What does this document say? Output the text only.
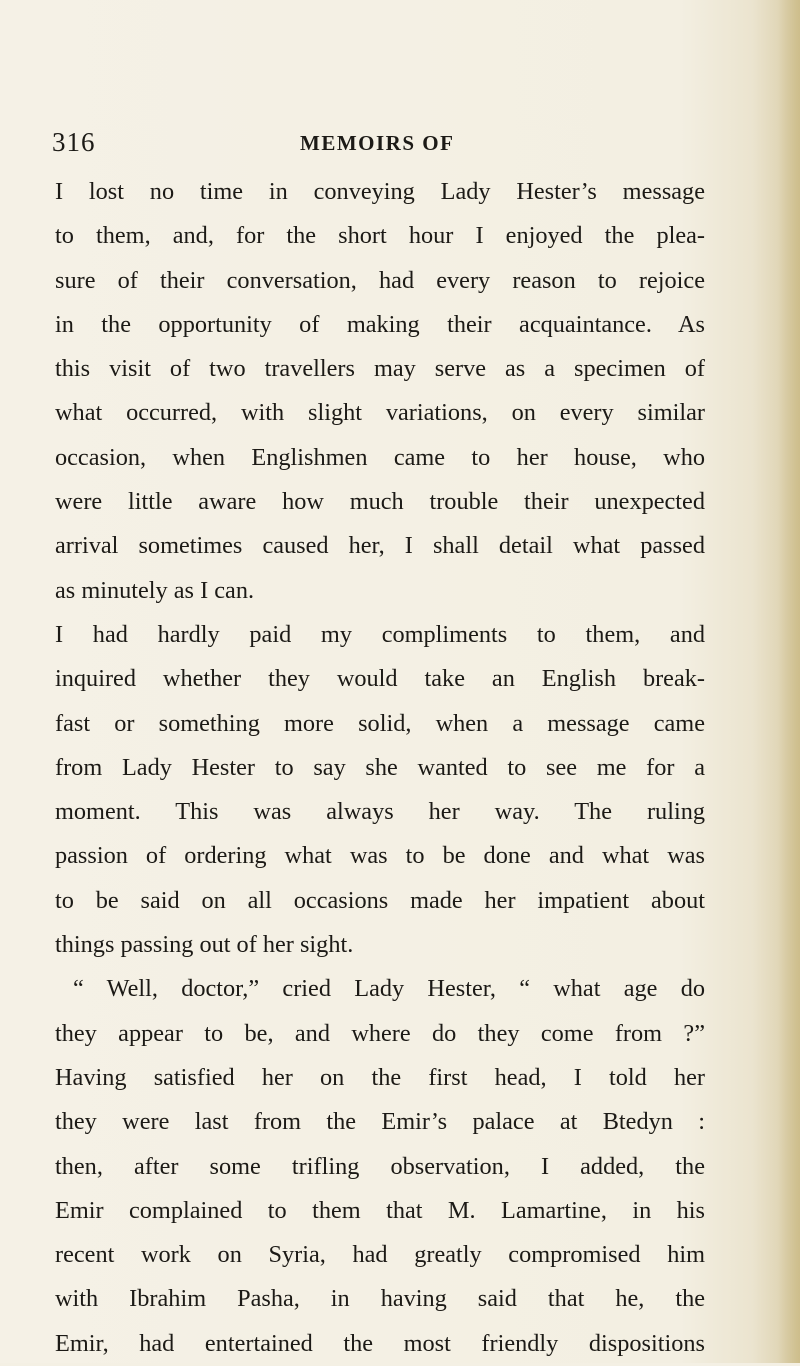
316	MEMOIRS OF
I lost no time in conveying Lady Hester’s message
to them, and, for the short hour I enjoyed the plea-
sure of their conversation, had every reason to rejoice
in the opportunity of making their acquaintance. As
this visit of two travellers may serve as a specimen of
what occurred, with slight variations, on every similar
occasion, when Englishmen came to her house, who
were little aware how much trouble their unexpected
arrival sometimes caused her, I shall detail what passed
as minutely as I can.
I had hardly paid my compliments to them, and
inquired whether they would take an English break-
fast or something more solid, when a message came
from Lady Hester to say she wanted to see me for a
moment. This was always her way. The ruling
passion of ordering what was to be done and what was
to be said on all occasions made her impatient about
things passing out of her sight.
“ Well, doctor,” cried Lady Hester, “ what age do
they appear to be, and where do they come from ?”
Having satisfied her on the first head, I told her
they were last from the Emir’s palace at Btedyn :
then, after some trifling observation, I added, the
Emir complained to them that M. Lamartine, in his
recent work on Syria, had greatly compromised him
with Ibrahim Pasha, in having said that he, the
Emir, had entertained the most friendly dispositions
